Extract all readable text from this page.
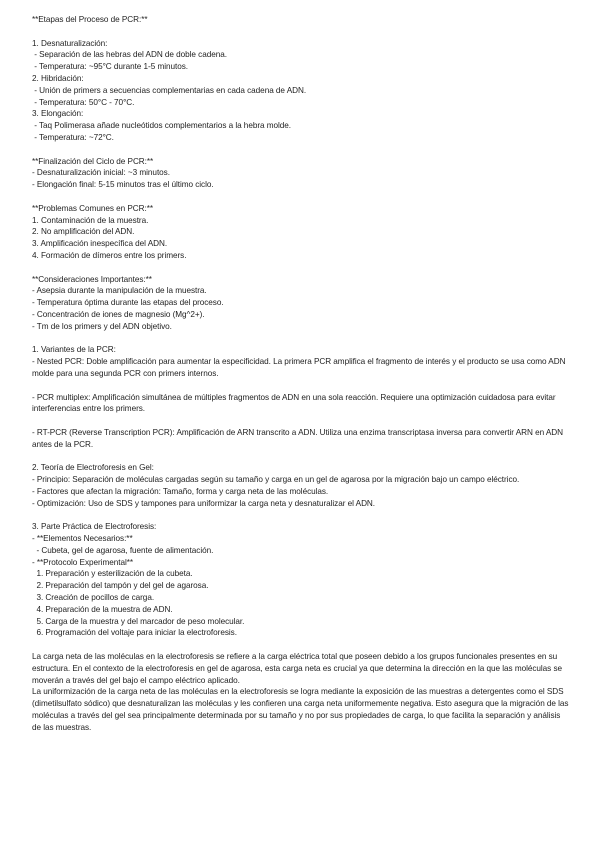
**Etapas del Proceso de PCR:**
1. Desnaturalización:
- Separación de las hebras del ADN de doble cadena.
- Temperatura: ~95°C durante 1-5 minutos.
2. Hibridación:
- Unión de primers a secuencias complementarias en cada cadena de ADN.
- Temperatura: 50°C - 70°C.
3. Elongación:
- Taq Polimerasa añade nucleótidos complementarios a la hebra molde.
- Temperatura: ~72°C.
**Finalización del Ciclo de PCR:**
- Desnaturalización inicial: ~3 minutos.
- Elongación final: 5-15 minutos tras el último ciclo.
**Problemas Comunes en PCR:**
1. Contaminación de la muestra.
2. No amplificación del ADN.
3. Amplificación inespecífica del ADN.
4. Formación de dímeros entre los primers.
**Consideraciones Importantes:**
- Asepsia durante la manipulación de la muestra.
- Temperatura óptima durante las etapas del proceso.
- Concentración de iones de magnesio (Mg^2+).
- Tm de los primers y del ADN objetivo.
1. Variantes de la PCR:
- Nested PCR: Doble amplificación para aumentar la especificidad. La primera PCR amplifica el fragmento de interés y el producto se usa como ADN molde para una segunda PCR con primers internos.
- PCR multiplex: Amplificación simultánea de múltiples fragmentos de ADN en una sola reacción. Requiere una optimización cuidadosa para evitar interferencias entre los primers.
- RT-PCR (Reverse Transcription PCR): Amplificación de ARN transcrito a ADN. Utiliza una enzima transcriptasa inversa para convertir ARN en ADN antes de la PCR.
2. Teoría de Electroforesis en Gel:
- Principio: Separación de moléculas cargadas según su tamaño y carga en un gel de agarosa por la migración bajo un campo eléctrico.
- Factores que afectan la migración: Tamaño, forma y carga neta de las moléculas.
- Optimización: Uso de SDS y tampones para uniformizar la carga neta y desnaturalizar el ADN.
3. Parte Práctica de Electroforesis:
- **Elementos Necesarios:**
- Cubeta, gel de agarosa, fuente de alimentación.
- **Protocolo Experimental**
1. Preparación y esterilización de la cubeta.
2. Preparación del tampón y del gel de agarosa.
3. Creación de pocillos de carga.
4. Preparación de la muestra de ADN.
5. Carga de la muestra y del marcador de peso molecular.
6. Programación del voltaje para iniciar la electroforesis.
La carga neta de las moléculas en la electroforesis se refiere a la carga eléctrica total que poseen debido a los grupos funcionales presentes en su estructura. En el contexto de la electroforesis en gel de agarosa, esta carga neta es crucial ya que determina la dirección en la que las moléculas se moverán a través del gel bajo el campo eléctrico aplicado.
La uniformización de la carga neta de las moléculas en la electroforesis se logra mediante la exposición de las muestras a detergentes como el SDS (dimetilsulfato sódico) que desnaturalizan las moléculas y les confieren una carga neta uniformemente negativa. Esto asegura que la migración de las moléculas a través del gel sea principalmente determinada por su tamaño y no por sus propiedades de carga, lo que facilita la separación y análisis de las muestras.
